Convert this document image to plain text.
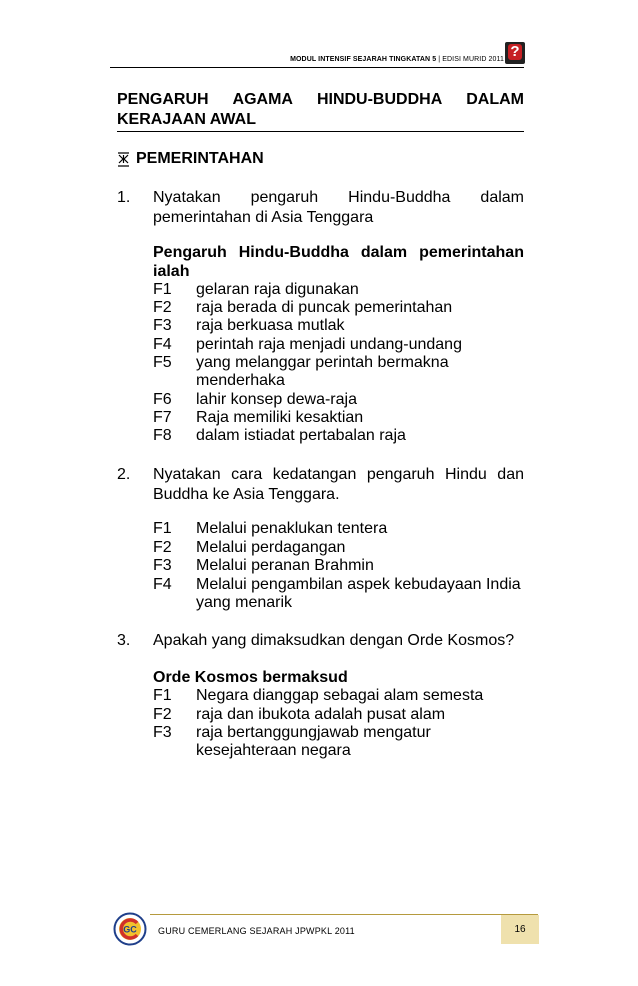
MODUL INTENSIF SEJARAH TINGKATAN 5 | EDISI MURID 2011 ?
PENGARUH AGAMA HINDU-BUDDHA DALAM
KERAJAAN AWAL
PEMERINTAHAN
1. Nyatakan pengaruh Hindu-Buddha dalam
pemerintahan di Asia Tenggara
Pengaruh Hindu-Buddha dalam pemerintahan
ialah
F1 gelaran raja digunakan
F2 raja berada di puncak pemerintahan
F3 raja berkuasa mutlak
F4 perintah raja menjadi undang-undang
F5 yang melanggar perintah bermakna
menderhaka
F6 lahir konsep dewa-raja
F7 Raja memiliki kesaktian
F8 dalam istiadat pertabalan raja
2. Nyatakan cara kedatangan pengaruh Hindu dan
Buddha ke Asia Tenggara.
F1 Melalui penaklukan tentera
F2 Melalui perdagangan
F3 Melalui peranan Brahmin
F4 Melalui pengambilan aspek kebudayaan India
yang menarik
3. Apakah yang dimaksudkan dengan Orde Kosmos?
Orde Kosmos bermaksud
F1 Negara dianggap sebagai alam semesta
F2 raja dan ibukota adalah pusat alam
F3 raja bertanggungjawab mengatur
kesejahteraan negara
GC GURU CEMERLANG SEJARAH JPWPKL 2011	16
